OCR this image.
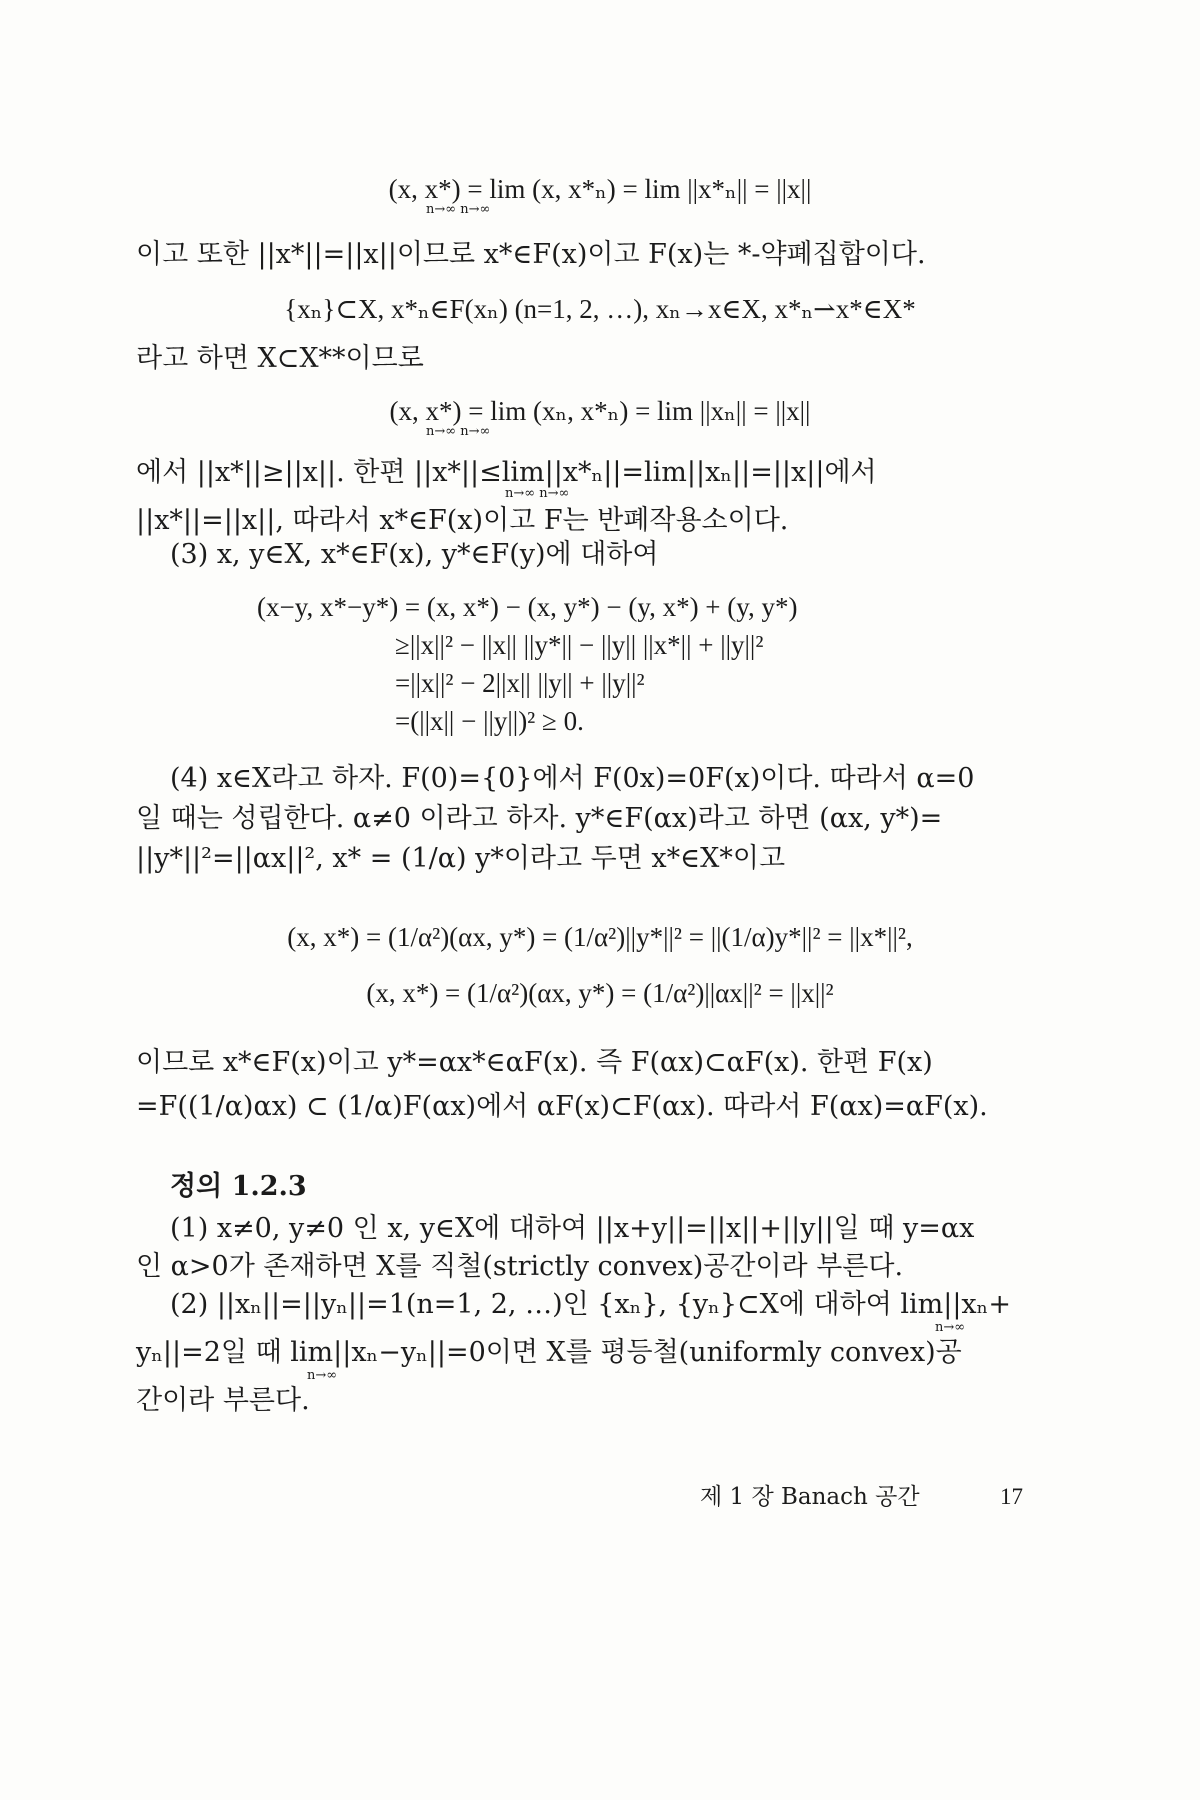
(x, x*) = lim (x, x*ₙ) = lim ||x*ₙ|| = ||x||
n→∞ n→∞
이고 또한 ||x*||=||x||이므로 x*∈F(x)이고 F(x)는 *-약폐집합이다.
{xₙ}⊂X, x*ₙ∈F(xₙ) (n=1, 2, …), xₙ→x∈X, x*ₙ⇀x*∈X*
라고 하면 X⊂X**이므로
(x, x*) = lim (xₙ, x*ₙ) = lim ||xₙ|| = ||x||
n→∞ n→∞
에서 ||x*||≥||x||. 한편 ||x*||≤lim||x*ₙ||=lim||xₙ||=||x||에서
n→∞ n→∞
||x*||=||x||, 따라서 x*∈F(x)이고 F는 반폐작용소이다.
(3) x, y∈X, x*∈F(x), y*∈F(y)에 대하여
(x−y, x*−y*) = (x, x*) − (x, y*) − (y, x*) + (y, y*)
≥||x||² − ||x|| ||y*|| − ||y|| ||x*|| + ||y||²
=||x||² − 2||x|| ||y|| + ||y||²
=(||x|| − ||y||)² ≥ 0.
(4) x∈X라고 하자. F(0)={0}에서 F(0x)=0F(x)이다. 따라서 α=0
일 때는 성립한다. α≠0 이라고 하자. y*∈F(αx)라고 하면 (αx, y*)=
||y*||²=||αx||², x* = (1/α) y*이라고 두면 x*∈X*이고
(x, x*) = (1/α²)(αx, y*) = (1/α²)||y*||² = ||(1/α)y*||² = ||x*||²,
(x, x*) = (1/α²)(αx, y*) = (1/α²)||αx||² = ||x||²
이므로 x*∈F(x)이고 y*=αx*∈αF(x). 즉 F(αx)⊂αF(x). 한편 F(x)
=F((1/α)αx) ⊂ (1/α)F(αx)에서 αF(x)⊂F(αx). 따라서 F(αx)=αF(x).
정의 1.2.3
(1) x≠0, y≠0 인 x, y∈X에 대하여 ||x+y||=||x||+||y||일 때 y=αx
인 α>0가 존재하면 X를 직철(strictly convex)공간이라 부른다.
(2) ||xₙ||=||yₙ||=1(n=1, 2, …)인 {xₙ}, {yₙ}⊂X에 대하여 lim||xₙ+
n→∞
yₙ||=2일 때 lim||xₙ−yₙ||=0이면 X를 평등철(uniformly convex)공
n→∞
간이라 부른다.
제 1 장 Banach 공간	17
